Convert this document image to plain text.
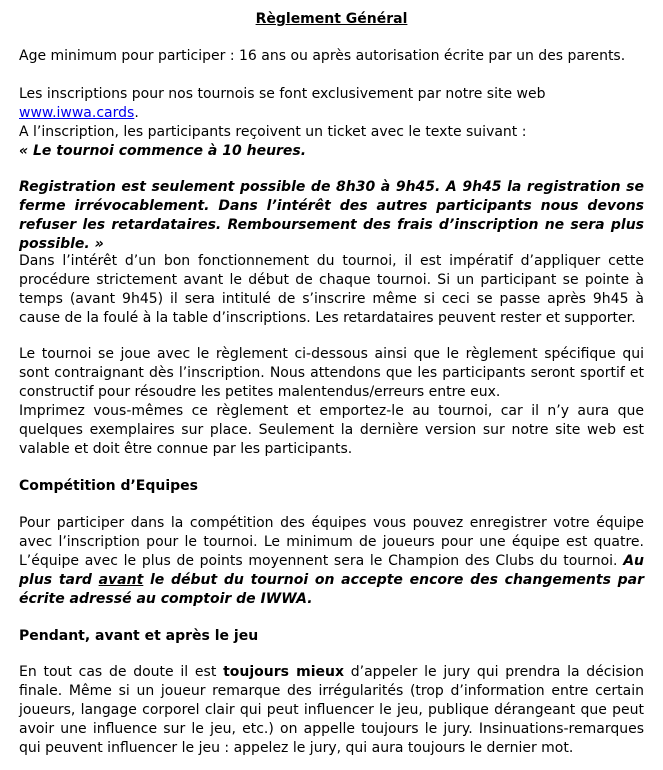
Règlement Général

Age minimum pour participer : 16 ans ou après autorisation écrite par un des parents.

Les inscriptions pour nos tournois se font exclusivement par notre site web www.iwwa.cards.
A l’inscription, les participants reçoivent un ticket avec le texte suivant :

« Le tournoi commence à 10 heures.

Registration est seulement possible de 8h30 à 9h45. A 9h45 la registration se ferme irrévocablement. Dans l’intérêt des autres participants nous devons refuser les retardataires. Remboursement des frais d’inscription ne sera plus possible. »

Dans l’intérêt d’un bon fonctionnement du tournoi, il est impératif d’appliquer cette procédure strictement avant le début de chaque tournoi. Si un participant se pointe à temps (avant 9h45) il sera intitulé de s’inscrire même si ceci se passe après 9h45 à cause de la foulé à la table d’inscriptions. Les retardataires peuvent rester et supporter.

Le tournoi se joue avec le règlement ci-dessous ainsi que le règlement spécifique qui sont contraignant dès l’inscription. Nous attendons que les participants seront sportif et constructif pour résoudre les petites malentendus/erreurs entre eux.

Imprimez vous-mêmes ce règlement et emportez-le au tournoi, car il n’y aura que quelques exemplaires sur place. Seulement la dernière version sur notre site web est valable et doit être connue par les participants.

Compétition d’Equipes

Pour participer dans la compétition des équipes vous pouvez enregistrer votre équipe avec l’inscription pour le tournoi. Le minimum de joueurs pour une équipe est quatre. L’équipe avec le plus de points moyennent sera le Champion des Clubs du tournoi. Au plus tard avant le début du tournoi on accepte encore des changements par écrite adressé au comptoir de IWWA.

Pendant, avant et après le jeu

En tout cas de doute il est toujours mieux d’appeler le jury qui prendra la décision finale. Même si un joueur remarque des irrégularités (trop d’information entre certain joueurs, langage corporel clair qui peut influencer le jeu, publique dérangeant que peut avoir une influence sur le jeu, etc.) on appelle toujours le jury. Insinuations-remarques qui peuvent influencer le jeu : appelez le jury, qui aura toujours le dernier mot.
